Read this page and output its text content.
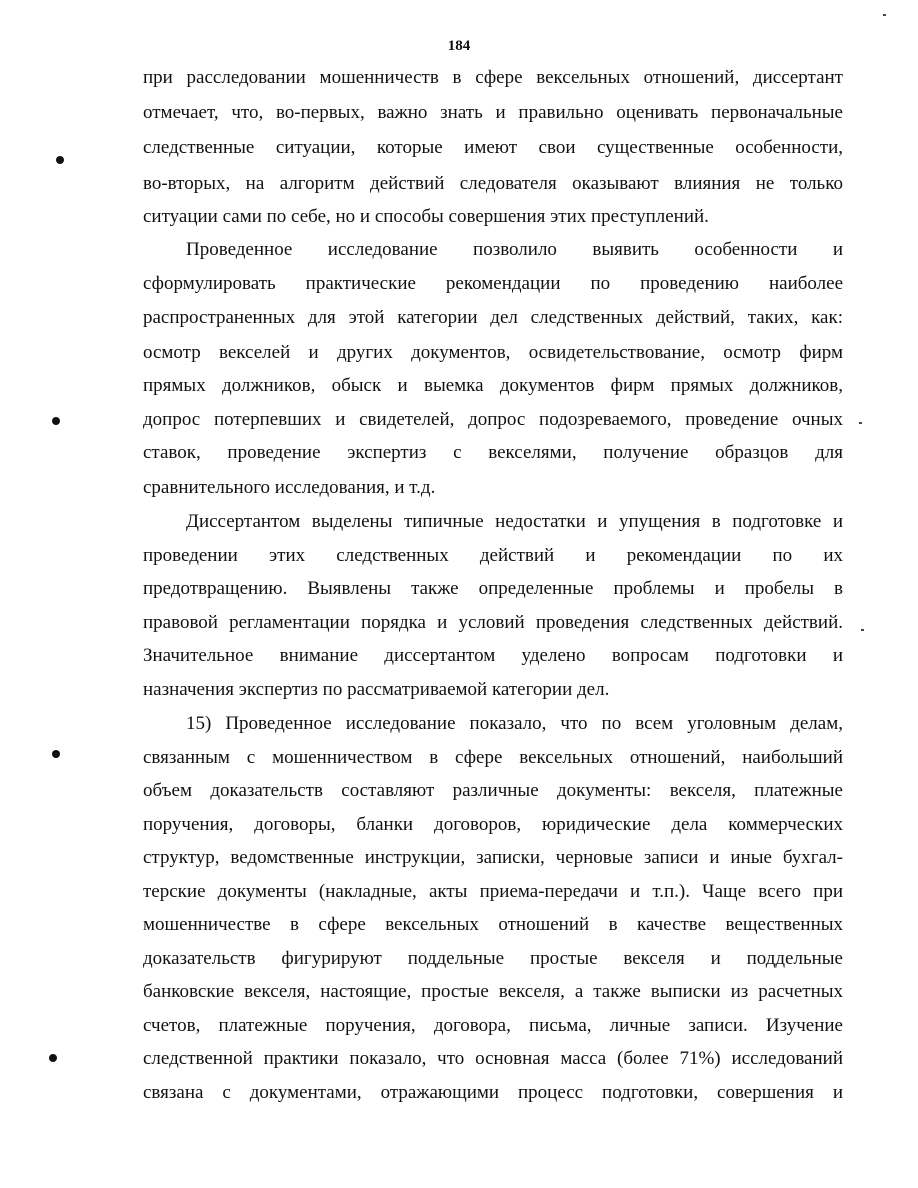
184
при расследовании мошенничеств в сфере вексельных отношений, диссертант
отмечает, что, во-первых, важно знать и правильно оценивать первоначальные
следственные ситуации, которые имеют свои существенные особенности,
во-вторых, на алгоритм действий следователя оказывают влияния не только
ситуации сами по себе, но и способы совершения этих преступлений.
Проведенное исследование позволило выявить особенности и
сформулировать практические рекомендации по проведению наиболее
распространенных для этой категории дел следственных действий, таких, как:
осмотр векселей и других документов, освидетельствование, осмотр фирм
прямых должников, обыск и выемка документов фирм прямых должников,
допрос потерпевших и свидетелей, допрос подозреваемого, проведение очных
ставок, проведение экспертиз с векселями, получение образцов для
сравнительного исследования, и т.д.
Диссертантом выделены типичные недостатки и упущения в подготовке и
проведении этих следственных действий и рекомендации по их
предотвращению. Выявлены также определенные проблемы и пробелы в
правовой регламентации порядка и условий проведения следственных действий.
Значительное внимание диссертантом уделено вопросам подготовки и
назначения экспертиз по рассматриваемой категории дел.
15) Проведенное исследование показало, что по всем уголовным делам,
связанным с мошенничеством в сфере вексельных отношений, наибольший
объем доказательств составляют различные документы: векселя, платежные
поручения, договоры, бланки договоров, юридические дела коммерческих
структур, ведомственные инструкции, записки, черновые записи и иные бухгал-
терские документы (накладные, акты приема-передачи и т.п.). Чаще всего при
мошенничестве в сфере вексельных отношений в качестве вещественных
доказательств фигурируют поддельные простые векселя и поддельные
банковские векселя, настоящие, простые векселя, а также выписки из расчетных
счетов, платежные поручения, договора, письма, личные записи. Изучение
следственной практики показало, что основная масса (более 71%) исследований
связана с документами, отражающими процесс подготовки, совершения и
